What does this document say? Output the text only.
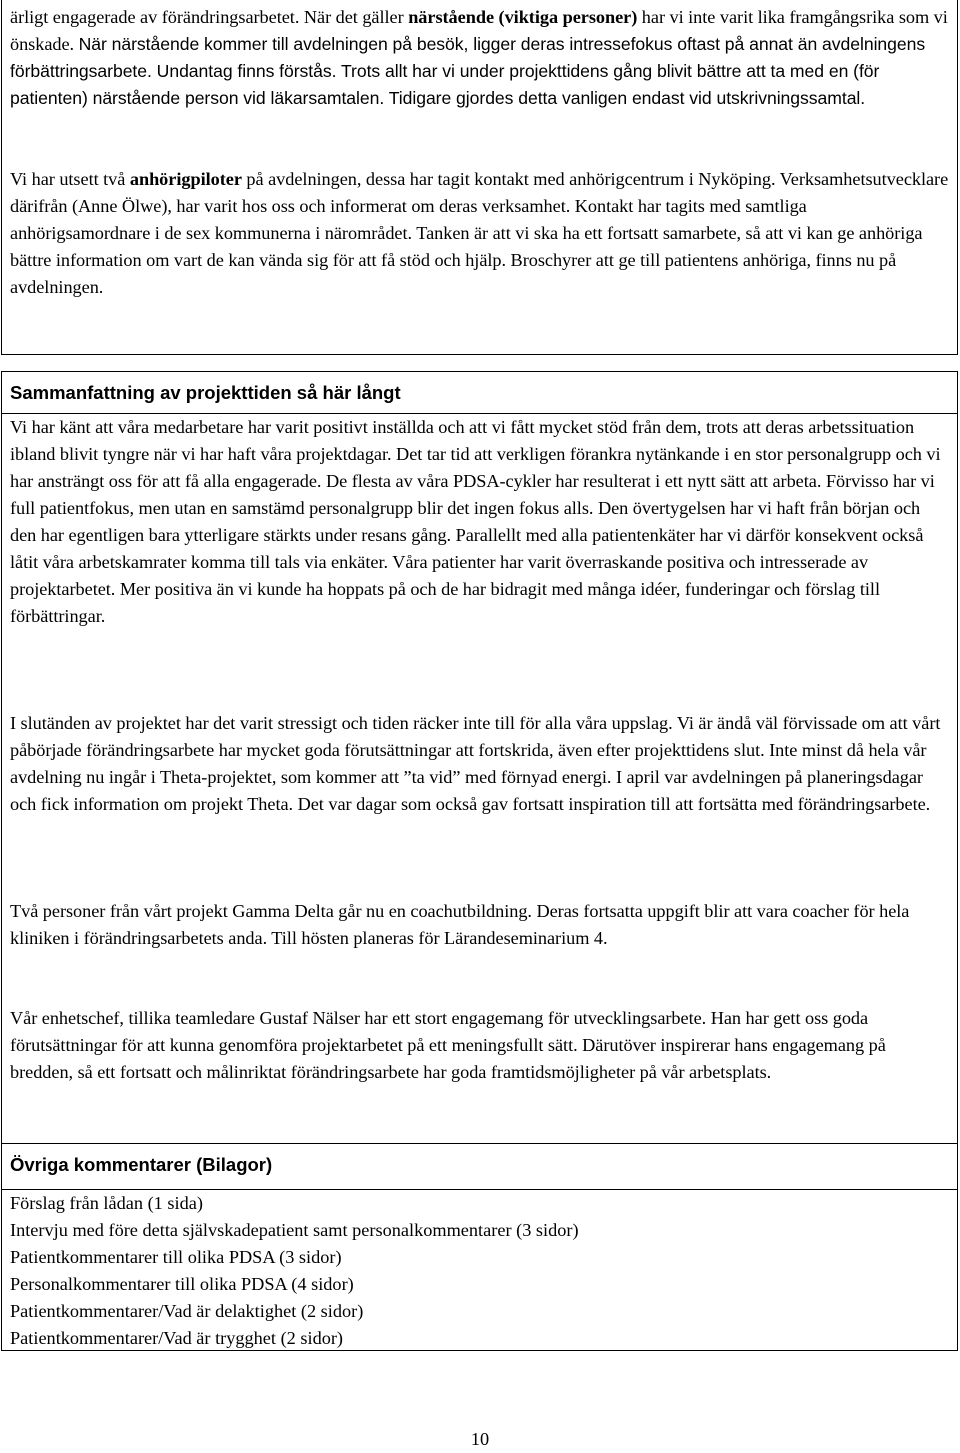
ärligt engagerade av förändringsarbetet. När det gäller närstående (viktiga personer) har vi inte varit lika framgångsrika som vi önskade. När närstående kommer till avdelningen på besök, ligger deras intressefokus oftast på annat än avdelningens förbättringsarbete. Undantag finns förstås. Trots allt har vi under projekttidens gång blivit bättre att ta med en (för patienten) närstående person vid läkarsamtalen. Tidigare gjordes detta vanligen endast vid utskrivningssamtal.

Vi har utsett två anhörigpiloter på avdelningen, dessa har tagit kontakt med anhörigcentrum i Nyköping. Verksamhetsutvecklare därifrån (Anne Ölwe), har varit hos oss och informerat om deras verksamhet. Kontakt har tagits med samtliga anhörigsamordnare i de sex kommunerna i närområdet. Tanken är att vi ska ha ett fortsatt samarbete, så att vi kan ge anhöriga bättre information om vart de kan vända sig för att få stöd och hjälp. Broschyrer att ge till patientens anhöriga, finns nu på avdelningen.

Sammanfattning av projekttiden så här långt

Vi har känt att våra medarbetare har varit positivt inställda och att vi fått mycket stöd från dem, trots att deras arbetssituation ibland blivit tyngre när vi har haft våra projektdagar. Det tar tid att verkligen förankra nytänkande i en stor personalgrupp och vi har ansträngt oss för att få alla engagerade. De flesta av våra PDSA-cykler har resulterat i ett nytt sätt att arbeta. Förvisso har vi full patientfokus, men utan en samstämd personalgrupp blir det ingen fokus alls. Den övertygelsen har vi haft från början och den har egentligen bara ytterligare stärkts under resans gång. Parallellt med alla patientenkäter har vi därför konsekvent också låtit våra arbetskamrater komma till tals via enkäter. Våra patienter har varit överraskande positiva och intresserade av projektarbetet. Mer positiva än vi kunde ha hoppats på och de har bidragit med många idéer, funderingar och förslag till förbättringar.

I slutänden av projektet har det varit stressigt och tiden räcker inte till för alla våra uppslag. Vi är ändå väl förvissade om att vårt påbörjade förändringsarbete har mycket goda förutsättningar att fortskrida, även efter projekttidens slut. Inte minst då hela vår avdelning nu ingår i Theta-projektet, som kommer att ”ta vid” med förnyad energi. I april var avdelningen på planeringsdagar och fick information om projekt Theta. Det var dagar som också gav fortsatt inspiration till att fortsätta med förändringsarbete.

Två personer från vårt projekt Gamma Delta går nu en coachutbildning. Deras fortsatta uppgift blir att vara coacher för hela kliniken i förändringsarbetets anda. Till hösten planeras för Lärandeseminarium 4.

Vår enhetschef, tillika teamledare Gustaf Nälser har ett stort engagemang för utvecklingsarbete. Han har gett oss goda förutsättningar för att kunna genomföra projektarbetet på ett meningsfullt sätt. Därutöver inspirerar hans engagemang på bredden, så ett fortsatt och målinriktat förändringsarbete har goda framtidsmöjligheter på vår arbetsplats.

Övriga kommentarer (Bilagor)

Förslag från lådan (1 sida)
Intervju med före detta självskadepatient samt personalkommentarer (3 sidor)
Patientkommentarer till olika PDSA (3 sidor)
Personalkommentarer till olika PDSA (4 sidor)
Patientkommentarer/Vad är delaktighet (2 sidor)
Patientkommentarer/Vad är trygghet (2 sidor)
10
